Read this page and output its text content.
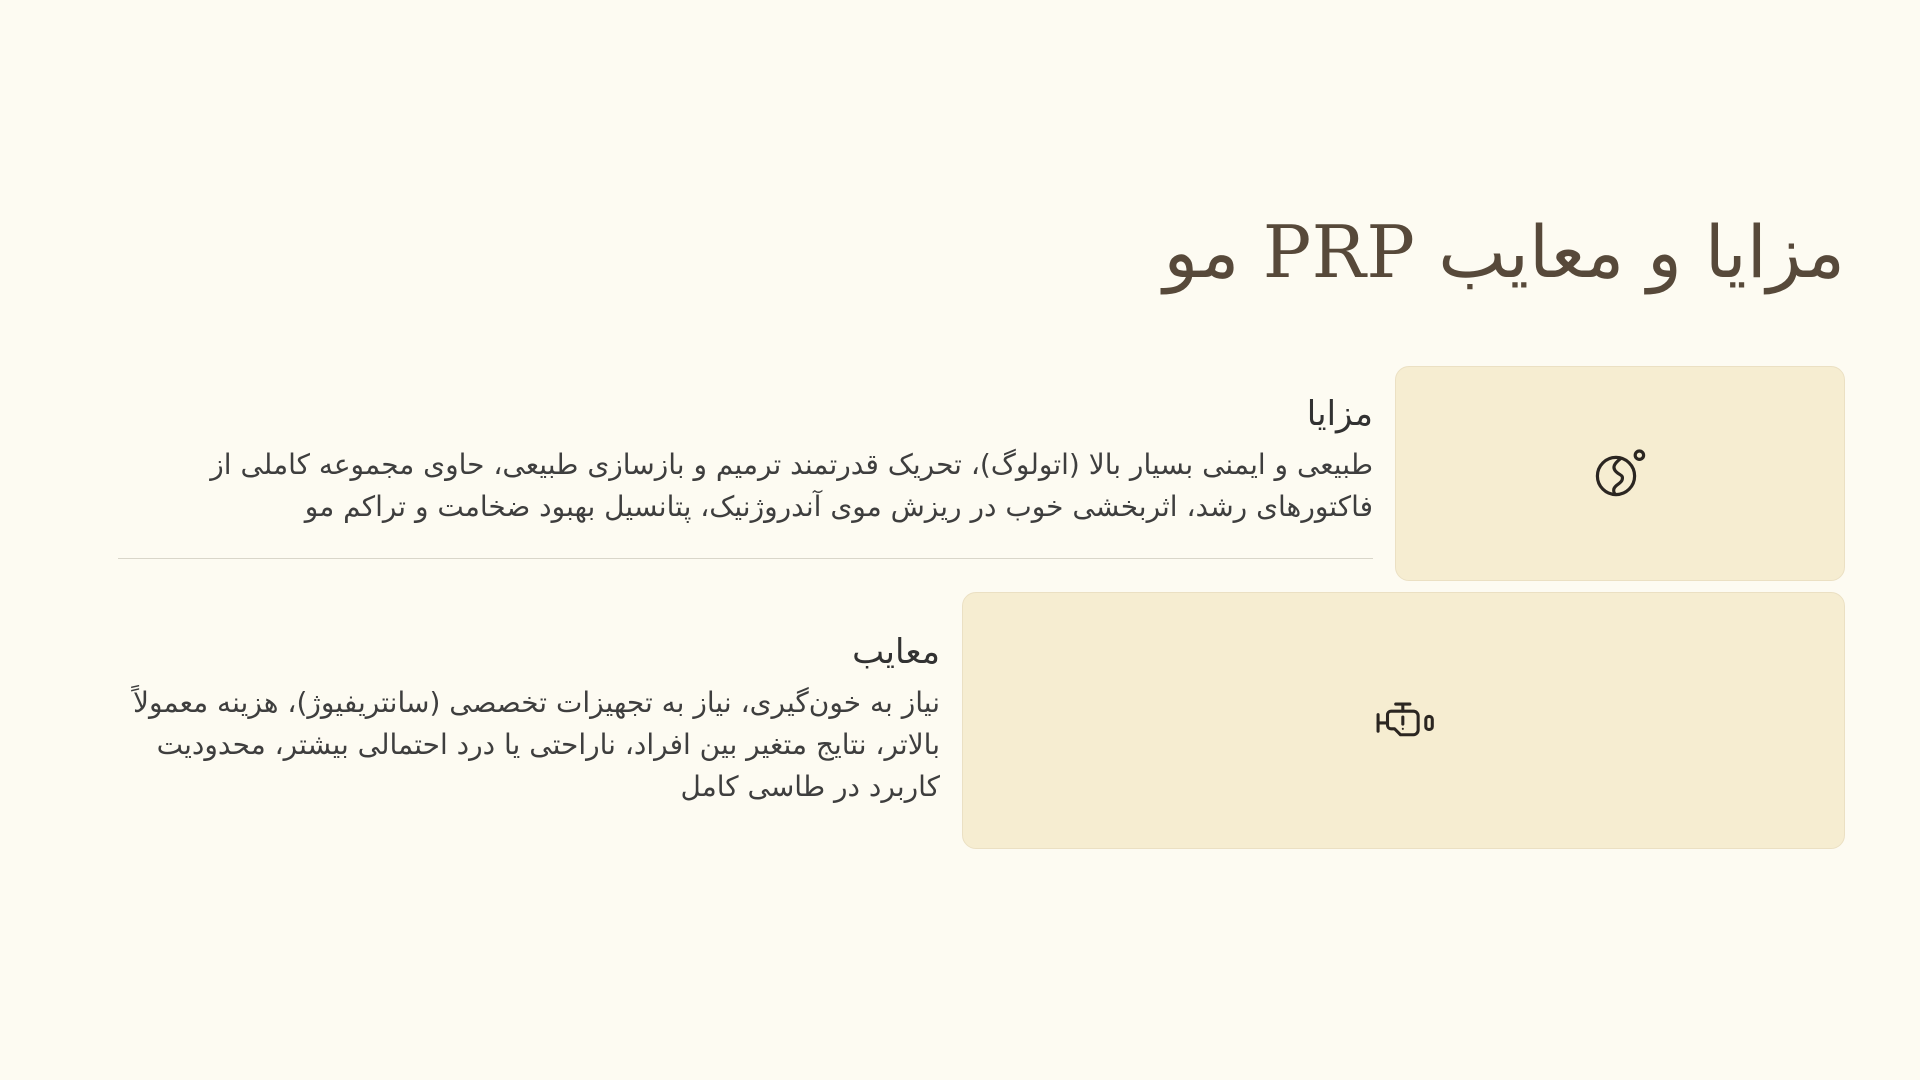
مزایا و معایب PRP مو
مزایا

طبیعی و ایمنی بسیار بالا (اتولوگ)، تحریک قدرتمند ترمیم و بازسازی طبیعی، حاوی مجموعه کاملی از فاکتورهای رشد، اثربخشی خوب در ریزش موی آندروژنیک، پتانسیل بهبود ضخامت و تراکم مو

معایب

نیاز به خون‌گیری، نیاز به تجهیزات تخصصی (سانتریفیوژ)، هزینه معمولاً بالاتر، نتایج متغیر بین افراد، ناراحتی یا درد احتمالی بیشتر، محدودیت کاربرد در طاسی کامل
